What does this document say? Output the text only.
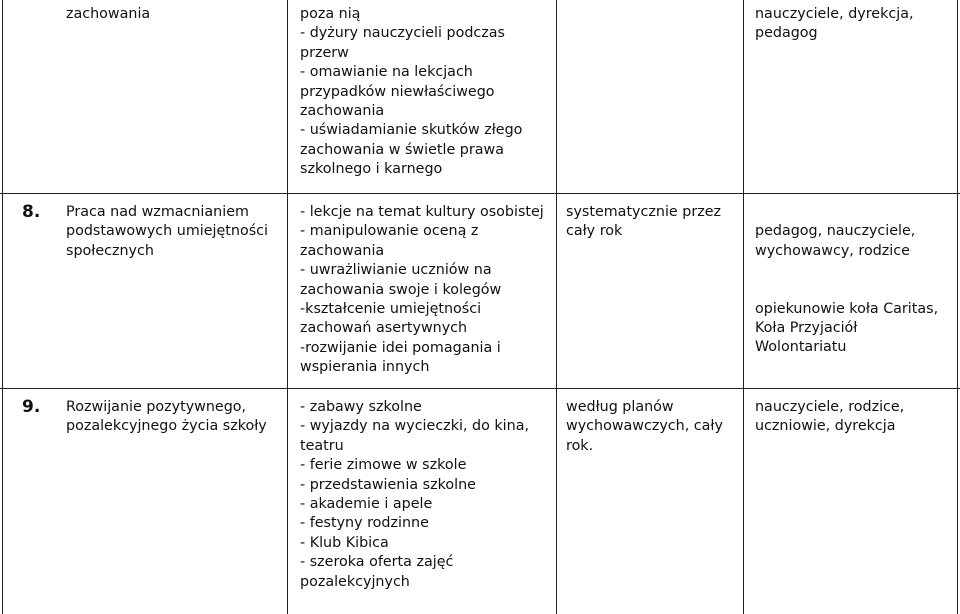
zachowania	poza nią
- dyżury nauczycieli podczas przerw
- omawianie na lekcjach przypadków niewłaściwego zachowania
- uświadamianie skutków złego zachowania w świetle prawa szkolnego i karnego
nauczyciele, dyrekcja, pedagog
8. Praca nad wzmacnianiem podstawowych umiejętności społecznych
- lekcje na temat kultury osobistej
- manipulowanie oceną z zachowania
- uwrażliwianie uczniów na zachowania swoje i kolegów
-kształcenie umiejętności zachowań asertywnych
-rozwijanie idei pomagania i wspierania innych
systematycznie przez cały rok	pedagog, nauczyciele, wychowawcy, rodzice

opiekunowie koła Caritas, Koła Przyjaciół Wolontariatu

9. Rozwijanie pozytywnego, pozalekcyjnego życia szkoły
- zabawy szkolne
- wyjazdy na wycieczki, do kina, teatru
- ferie zimowe w szkole
- przedstawienia szkolne
- akademie i apele
- festyny rodzinne
- Klub Kibica
- szeroka oferta zajęć pozalekcyjnych
według planów wychowawczych, cały rok.
nauczyciele, rodzice, uczniowie, dyrekcja
